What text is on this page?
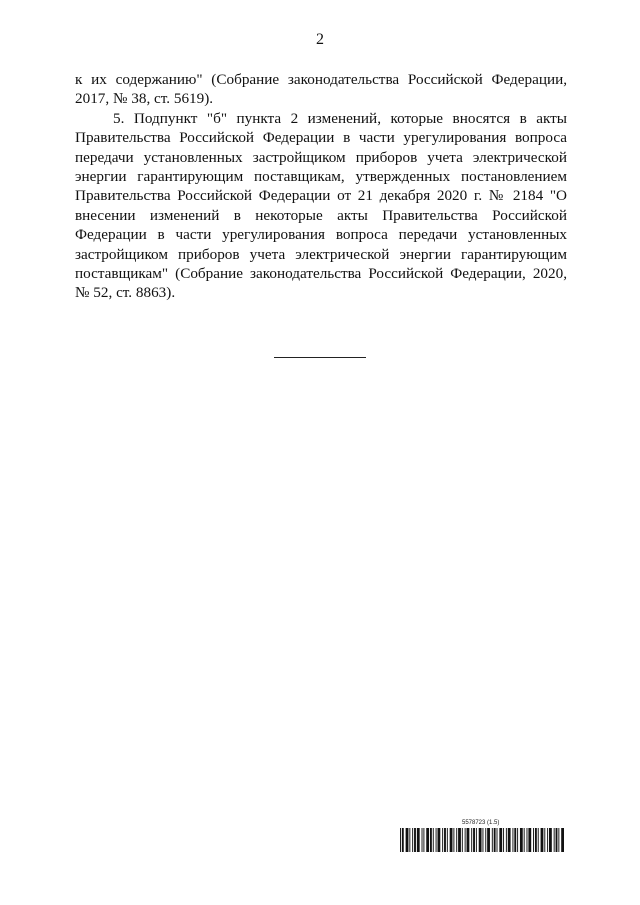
2

к их содержанию" (Собрание законодательства Российской Федерации, 2017, № 38, ст. 5619).

5. Подпункт "б" пункта 2 изменений, которые вносятся в акты Правительства Российской Федерации в части урегулирования вопроса передачи установленных застройщиком приборов учета электрической энергии гарантирующим поставщикам, утвержденных постановлением Правительства Российской Федерации от 21 декабря 2020 г. № 2184 "О внесении изменений в некоторые акты Правительства Российской Федерации в части урегулирования вопроса передачи установленных застройщиком приборов учета электрической энергии гарантирующим поставщикам" (Собрание законодательства Российской Федерации, 2020, № 52, ст. 8863).

5578723 (1.5)
